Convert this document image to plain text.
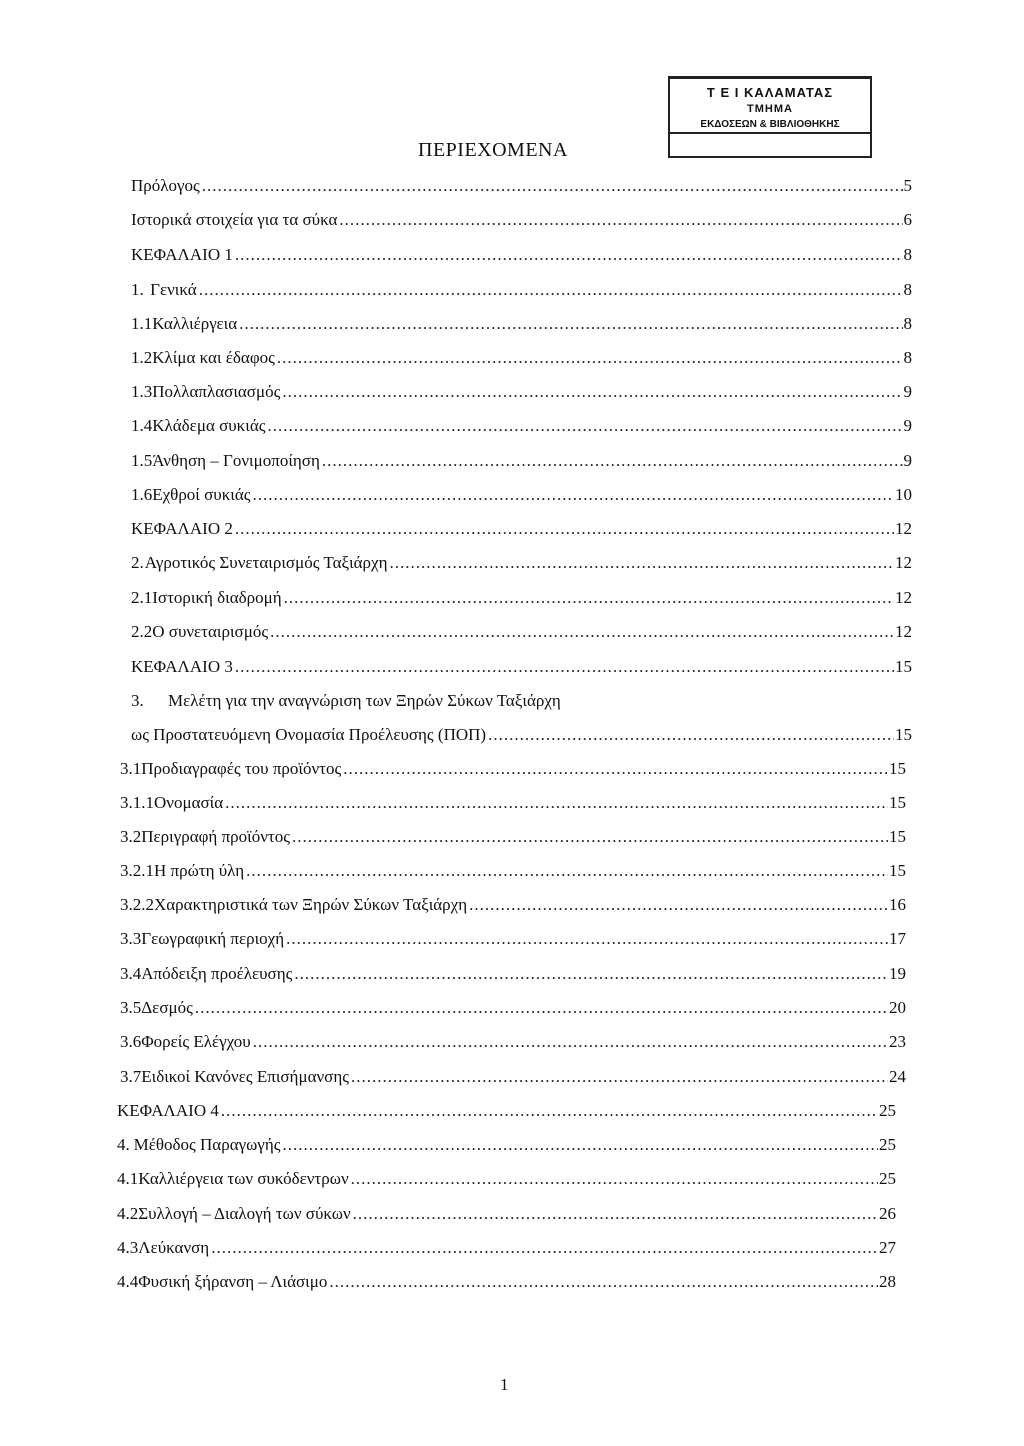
Τ Ε Ι ΚΑΛΑΜΑΤΑΣ
ΤΜΗΜΑ
ΕΚΔΟΣΕΩΝ & ΒΙΒΛΙΟΘΗΚΗΣ
ΠΕΡΙΕΧΟΜΕΝΑ
Πρόλογος .....	5
Ιστορικά στοιχεία για τα σύκα .....	6
ΚΕΦΑΛΑΙΟ 1 .....	8
1. Γενικά .....	8
1.1 Καλλιέργεια .....	8
1.2 Κλίμα και έδαφος .....	8
1.3 Πολλαπλασιασμός .....	9
1.4 Κλάδεμα συκιάς .....	9
1.5 Άνθηση – Γονιμοποίηση .....	9
1.6 Εχθροί συκιάς .....	10
ΚΕΦΑΛΑΙΟ 2 .....	12
2. Αγροτικός Συνεταιρισμός Ταξιάρχη .....	12
2.1 Ιστορική διαδρομή .....	12
2.2 Ο συνεταιρισμός .....	12
ΚΕΦΑΛΑΙΟ 3 .....	15
3.	Μελέτη για την αναγνώριση των Ξηρών Σύκων Ταξιάρχη
ως Προστατευόμενη Ονομασία Προέλευσης (ΠΟΠ) .....	15
3.1 Προδιαγραφές του προϊόντος .....	15
3.1.1 Ονομασία .....	15
3.2 Περιγραφή προϊόντος .....	15
3.2.1 Η πρώτη ύλη .....	15
3.2.2 Χαρακτηριστικά των Ξηρών Σύκων Ταξιάρχη .....	16
3.3 Γεωγραφική περιοχή .....	17
3.4 Απόδειξη προέλευσης .....	19
3.5 Δεσμός .....	20
3.6 Φορείς Ελέγχου .....	23
3.7 Ειδικοί Κανόνες Επισήμανσης .....	24
ΚΕΦΑΛΑΙΟ 4 .....	25
4. Μέθοδος Παραγωγής .....	25
4.1 Καλλιέργεια των συκόδεντρων .....	25
4.2 Συλλογή – Διαλογή των σύκων .....	26
4.3 Λεύκανση .....	27
4.4 Φυσική ξήρανση – Λιάσιμο .....	28

1
